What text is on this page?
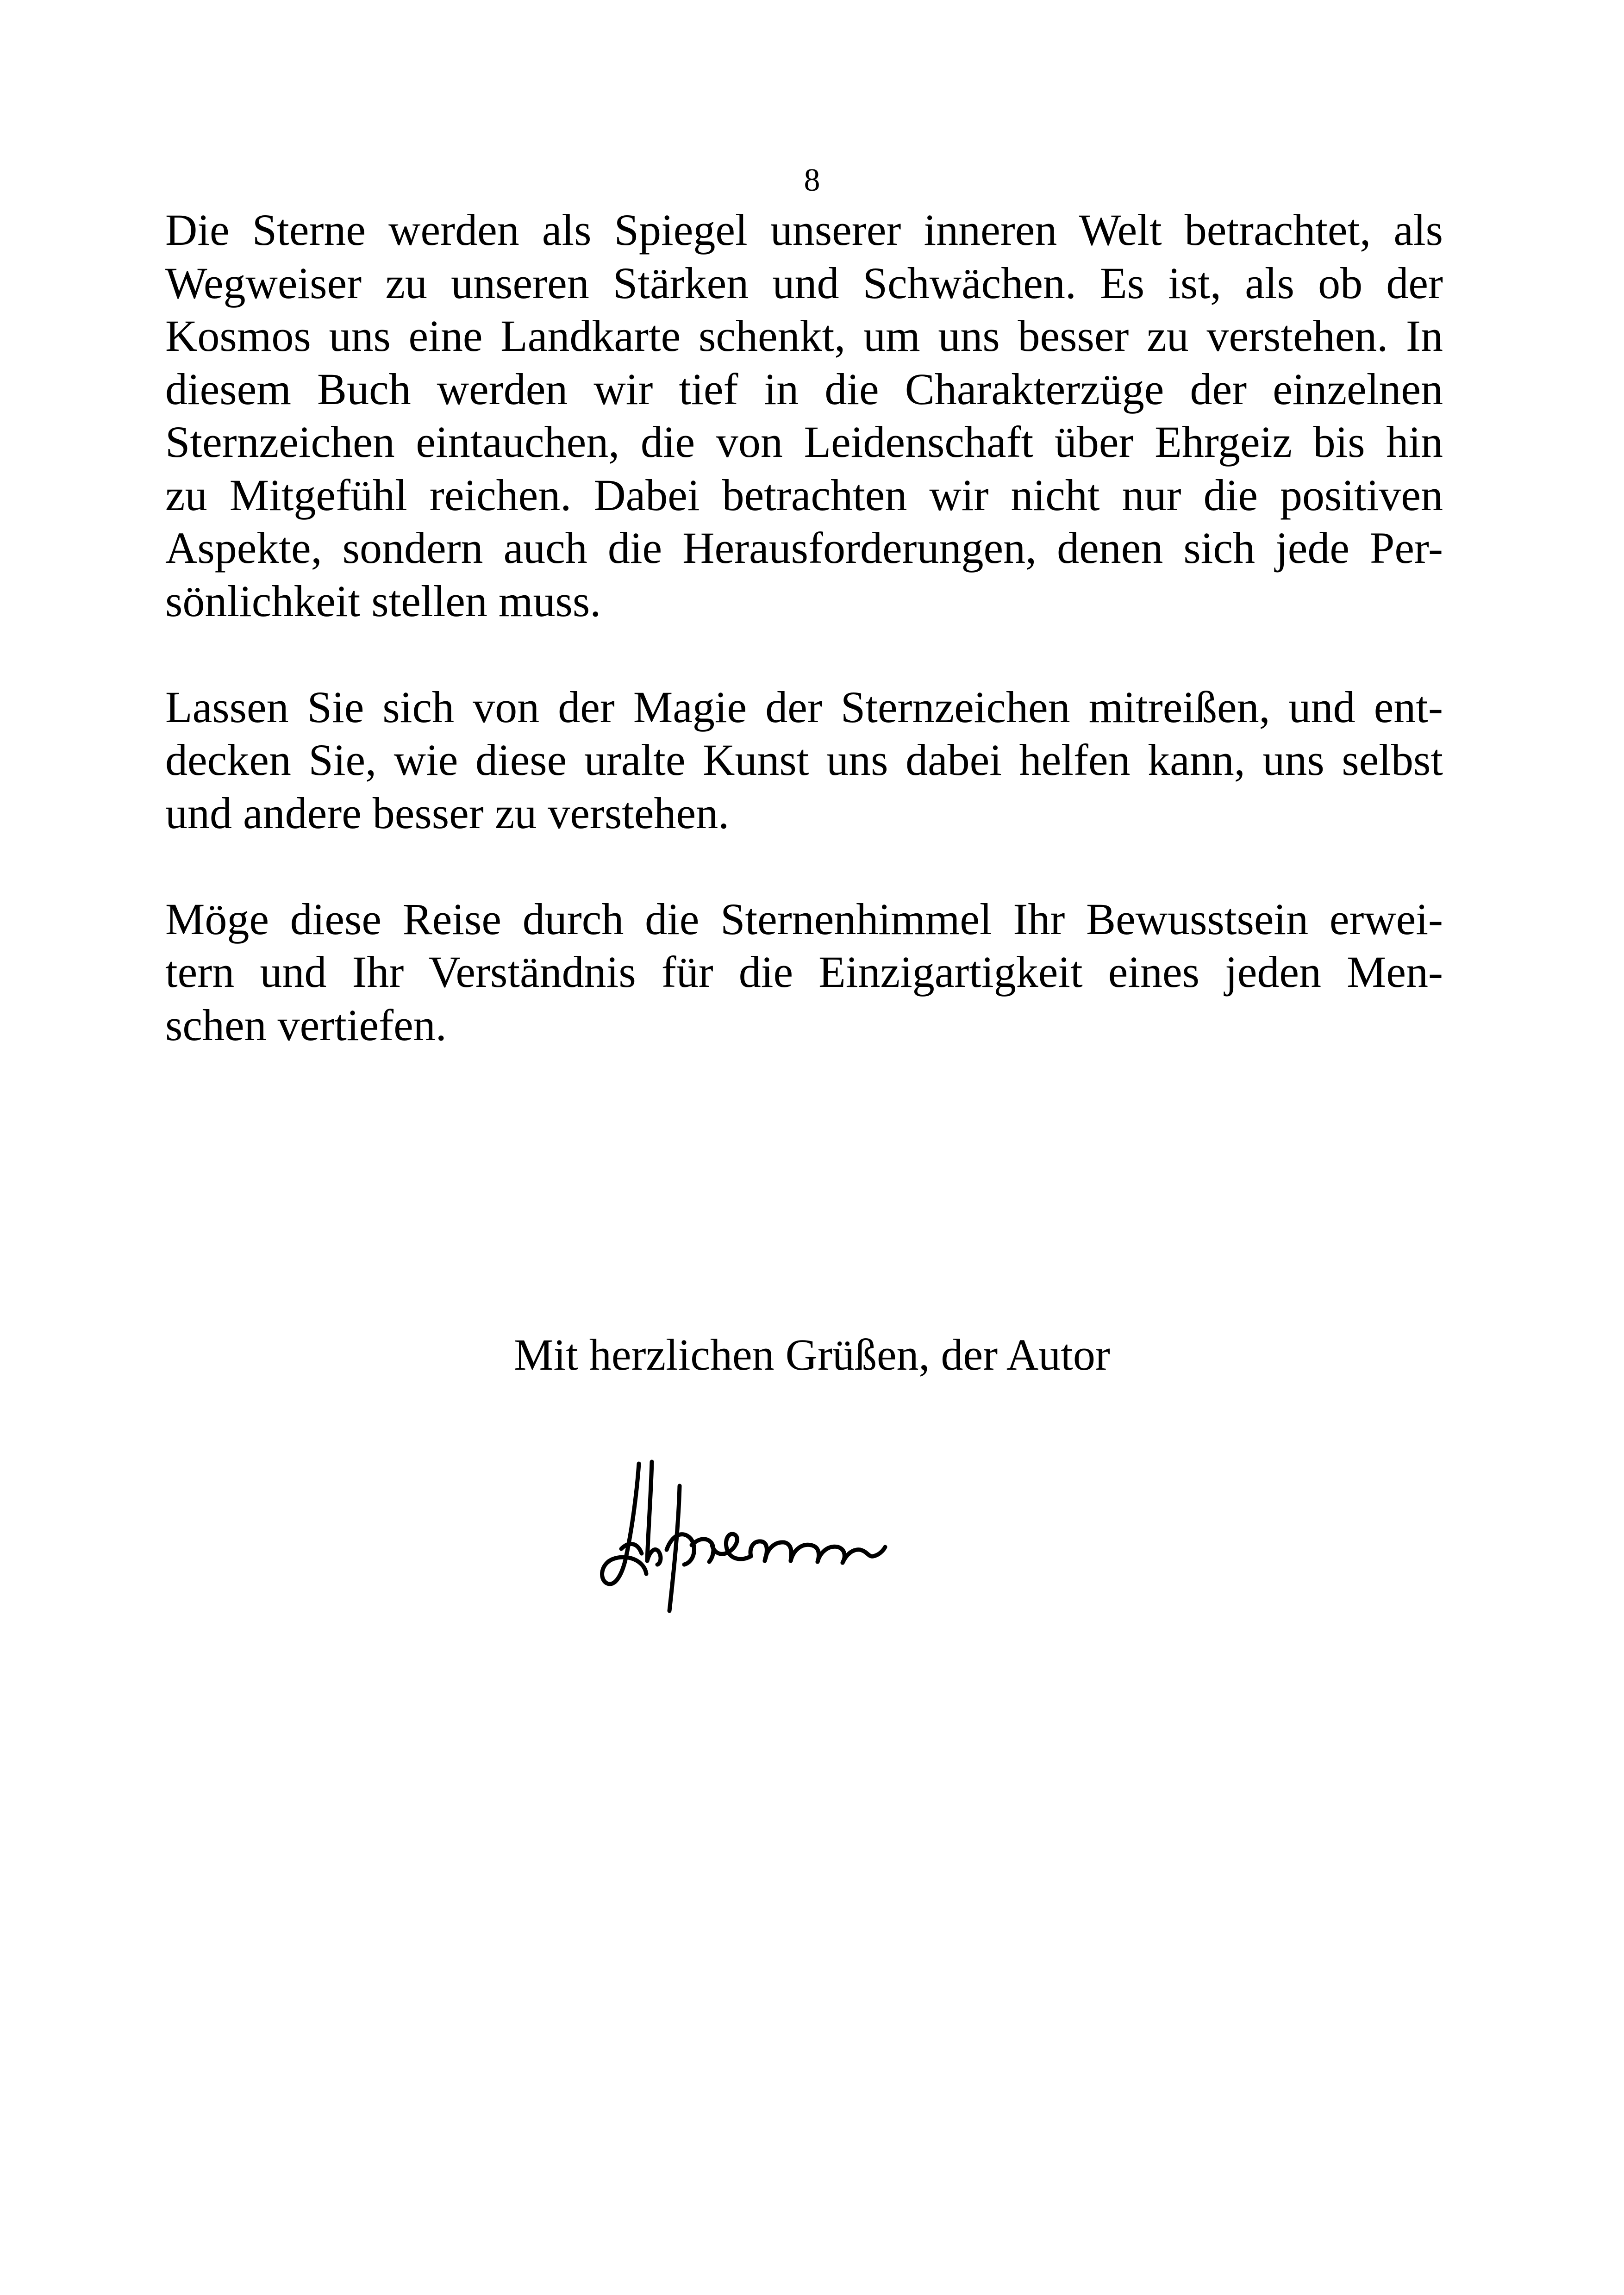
8
Die Sterne werden als Spiegel unserer inneren Welt betrachtet, als
Wegweiser zu unseren Stärken und Schwächen. Es ist, als ob der
Kosmos uns eine Landkarte schenkt, um uns besser zu verstehen. In
diesem Buch werden wir tief in die Charakterzüge der einzelnen
Sternzeichen eintauchen, die von Leidenschaft über Ehrgeiz bis hin
zu Mitgefühl reichen. Dabei betrachten wir nicht nur die positiven
Aspekte, sondern auch die Herausforderungen, denen sich jede Per-
sönlichkeit stellen muss.
Lassen Sie sich von der Magie der Sternzeichen mitreißen, und ent-
decken Sie, wie diese uralte Kunst uns dabei helfen kann, uns selbst
und andere besser zu verstehen.
Möge diese Reise durch die Sternenhimmel Ihr Bewusstsein erwei-
tern und Ihr Verständnis für die Einzigartigkeit eines jeden Men-
schen vertiefen.
Mit herzlichen Grüßen, der Autor
